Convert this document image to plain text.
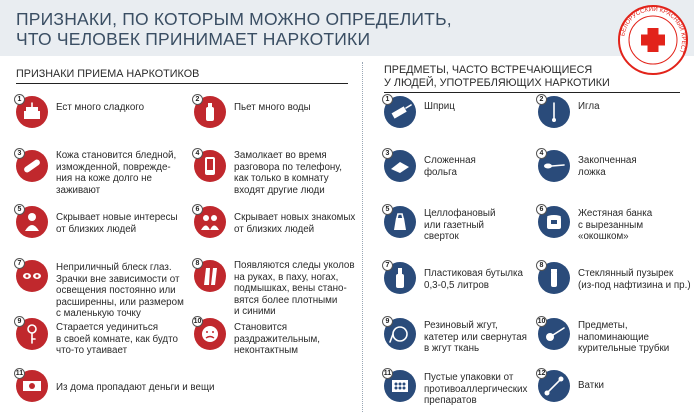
ПРИЗНАКИ, ПО КОТОРЫМ МОЖНО ОПРЕДЕЛИТЬ,
ЧТО ЧЕЛОВЕК ПРИНИМАЕТ НАРКОТИКИ	БЕЛОРУССКИЙ КРАСНЫЙ КРЕСТ
ПРИЗНАКИ ПРИЕМА НАРКОТИКОВ	ПРЕДМЕТЫ, ЧАСТО ВСТРЕЧАЮЩИЕСЯ
У ЛЮДЕЙ, УПОТРЕБЛЯЮЩИХ НАРКОТИКИ
1
Ест много сладкого
2
Пьет много воды
3	Кожа становится бледной,
изможденной, поврежде-
ния на коже долго не
заживают
4	Замолкает во время
разговора по телефону,
как только в комнату
входят другие люди
5
Скрывает новые интересы
от близких людей
6
Скрывает новых знакомых
от близких людей
7	Неприличный блеск глаз.
Зрачки вне зависимости от
освещения постоянно или
расширенны, или размером
с маленькую точку
8	Появляются следы уколов
на руках, в паху, ногах,
подмышках, вены стано-
вятся более плотными
и синими
9
Старается уединиться
в своей комнате, как будто
что-то утаивает
10
Становится
раздражительным,
неконтактным
11
Из дома пропадают деньги и вещи
1
Шприц
2
Игла
3
Сложенная
фольга
4
Закопченная
ложка
5	Целлофановый
или газетный
сверток
6	Жестяная банка
с вырезанным
«окошком»
7
Пластиковая бутылка
0,3-0,5 литров
8
Стеклянный пузырек
(из-под нафтизина и пр.)
9	Резиновый жгут,
катетер или свернутая
в жгут ткань
10	Предметы,
напоминающие
курительные трубки
11	Пустые упаковки от
противоаллергических
препаратов
12
Ватки
